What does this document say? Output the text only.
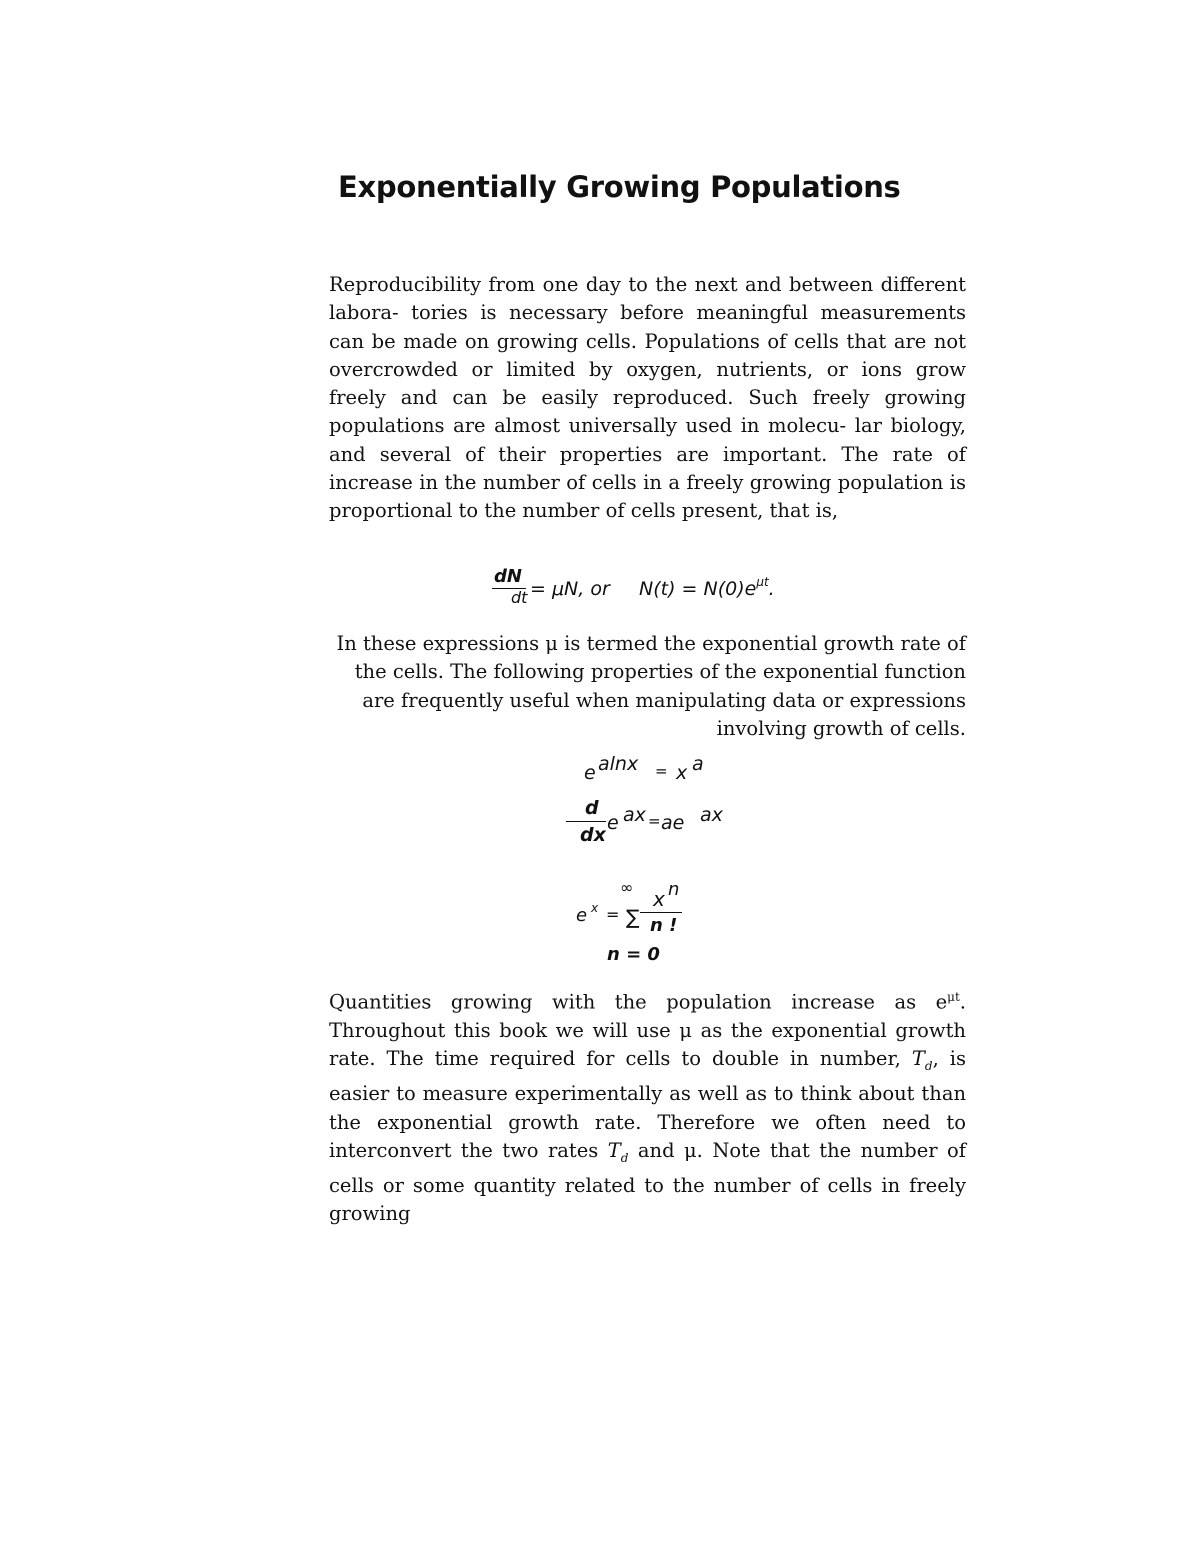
Exponentially Growing Populations

Reproducibility from one day to the next and between different labora- tories is necessary before meaningful measurements can be made on growing cells. Populations of cells that are not overcrowded or limited by oxygen, nutrients, or ions grow freely and can be easily reproduced. Such freely growing populations are almost universally used in molecu- lar biology, and several of their properties are important. The rate of increase in the number of cells in a freely growing population is proportional to the number of cells present, that is,

dN
dt = μN, or $N(t) = N(0)e^{\mu t}$.

In these expressions μ is termed the exponential growth rate of the cells. The following properties of the exponential function are frequently useful when manipulating data or expressions involving growth of cells.

e alnx = x a
d
dx
e ax = ae ax
∞
e x = ∑
x n
n !
n = 0

Quantities growing with the population increase as $e^{\mu t}$. Throughout this book we will use μ as the exponential growth rate. The time required for cells to double in number, $T_d$, is easier to measure experimentally as well as to think about than the exponential growth rate. Therefore we often need to interconvert the two rates $T_d$ and μ. Note that the number of cells or some quantity related to the number of cells in freely growing
